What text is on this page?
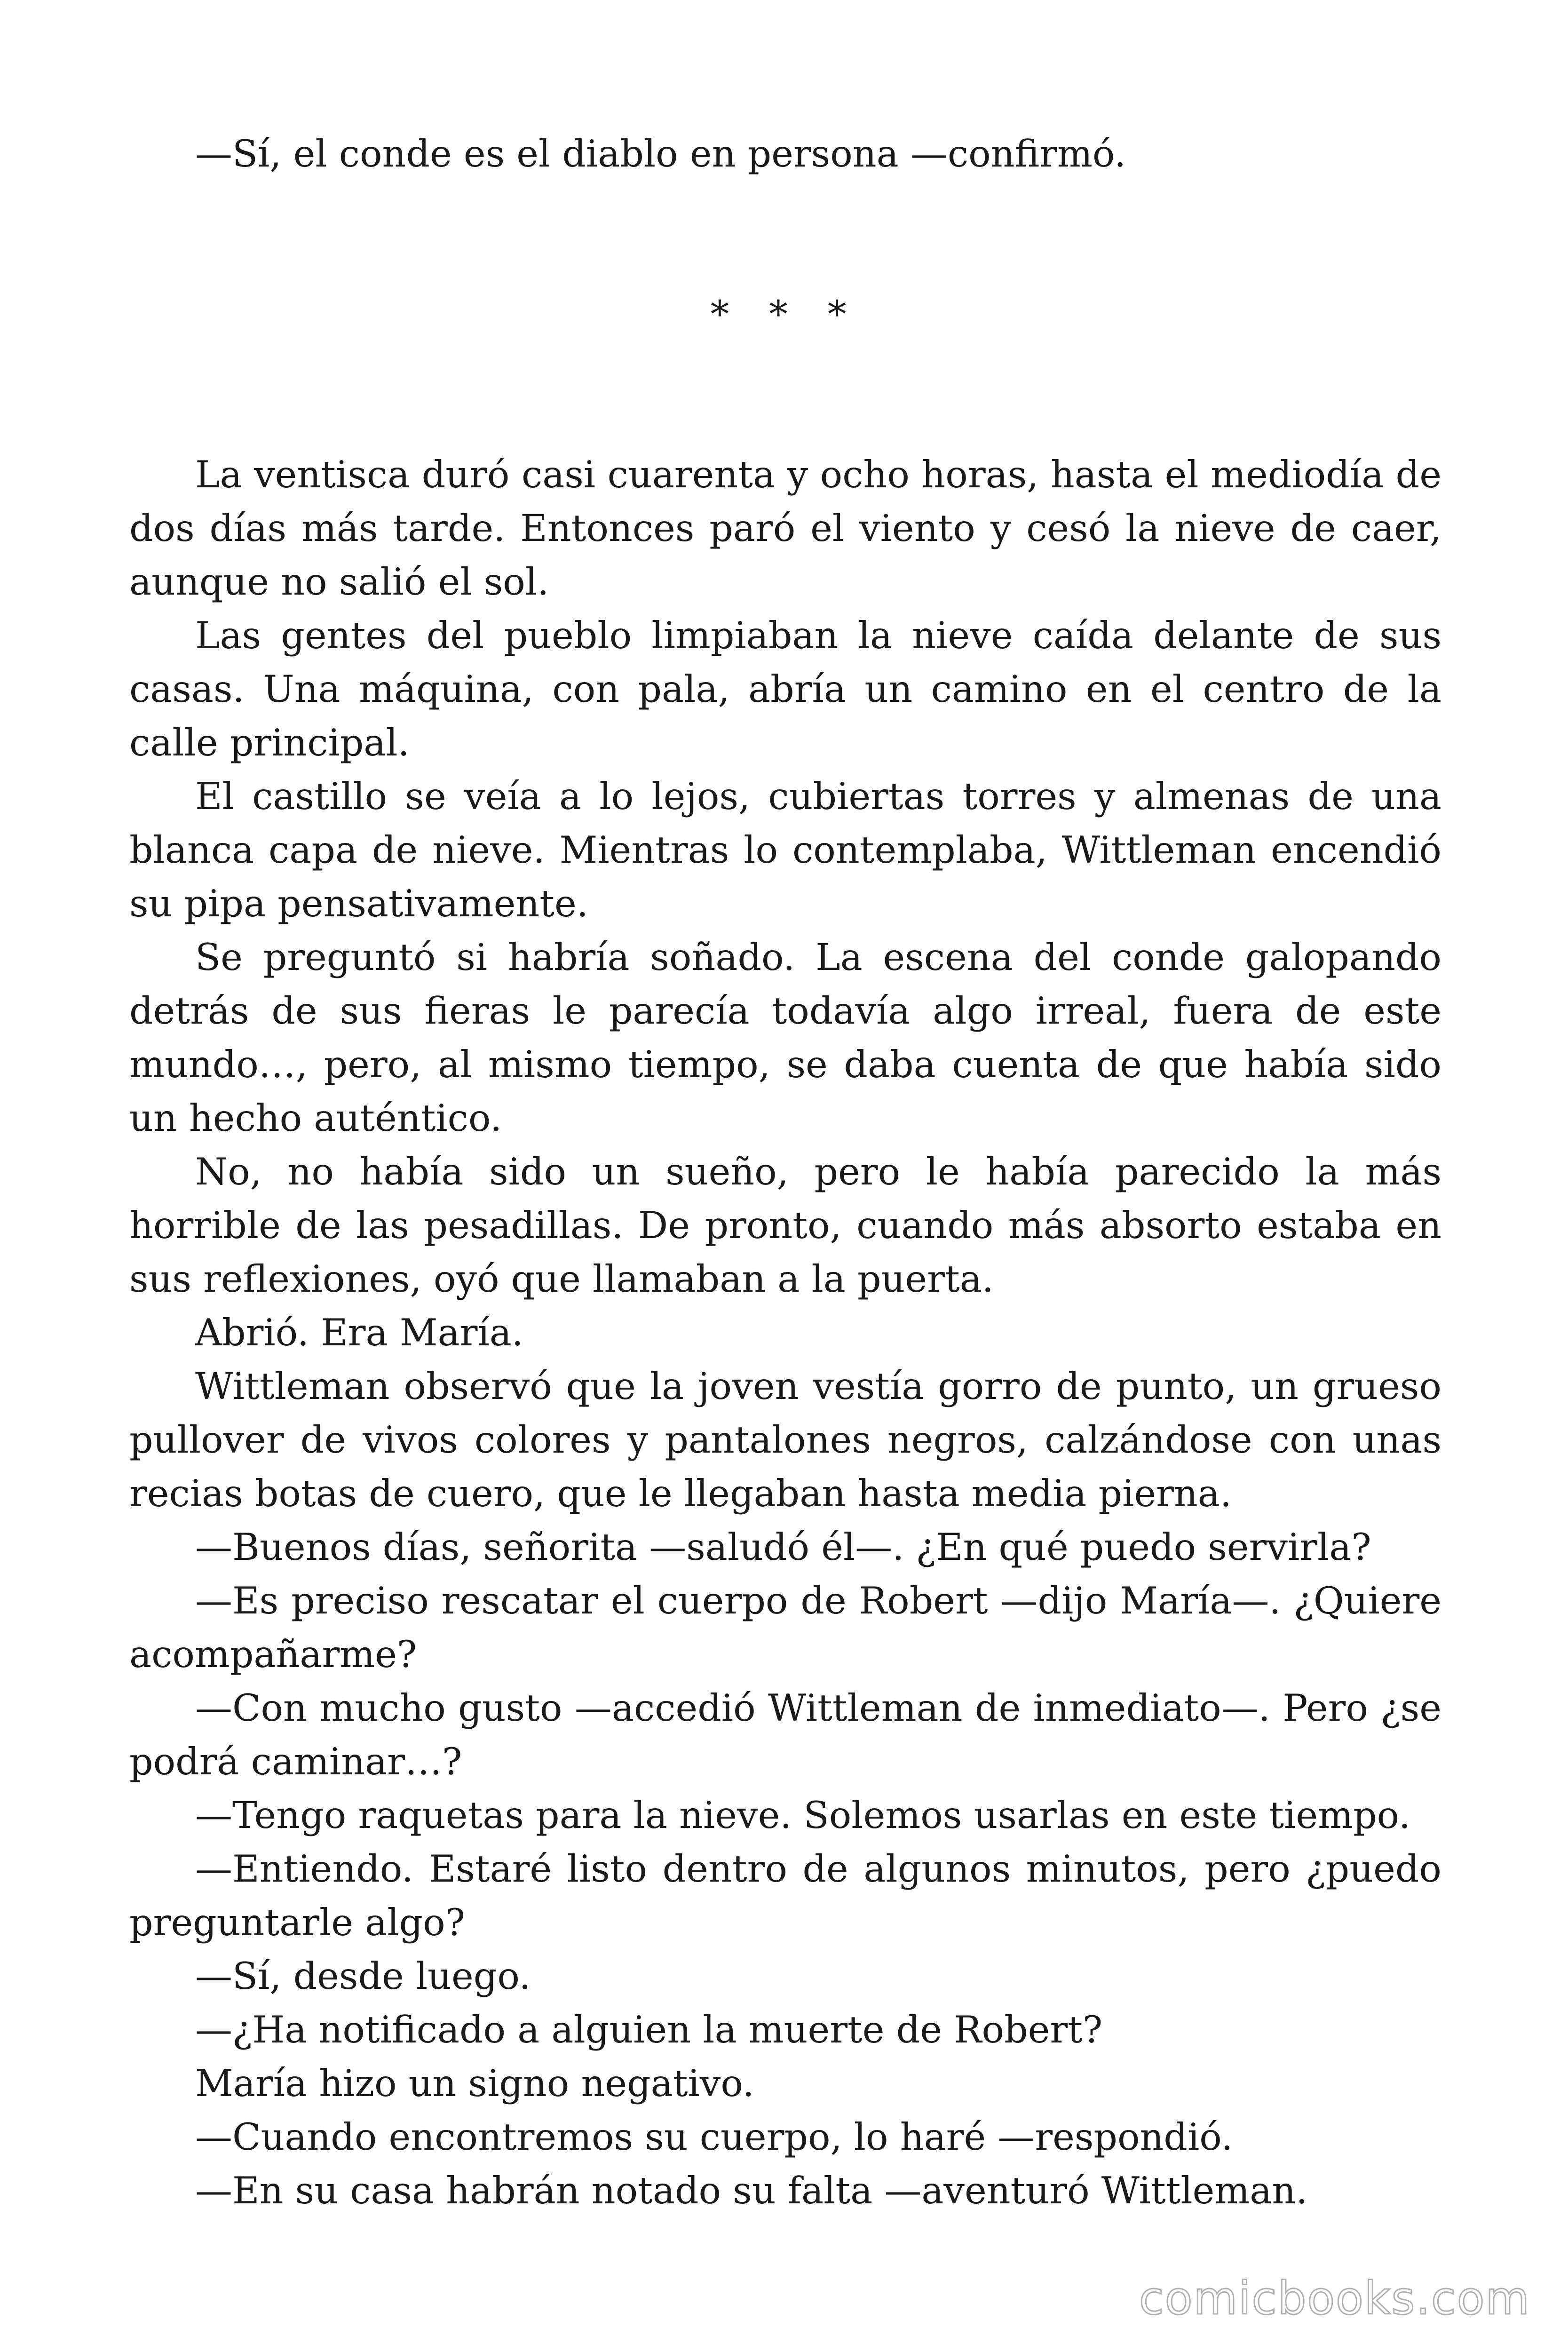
—Sí, el conde es el diablo en persona —confirmó.

* * *

La ventisca duró casi cuarenta y ocho horas, hasta el mediodía de dos días más tarde. Entonces paró el viento y cesó la nieve de caer, aunque no salió el sol.

Las gentes del pueblo limpiaban la nieve caída delante de sus casas. Una máquina, con pala, abría un camino en el centro de la calle principal.

El castillo se veía a lo lejos, cubiertas torres y almenas de una blanca capa de nieve. Mientras lo contemplaba, Wittleman encendió su pipa pensativamente.

Se preguntó si habría soñado. La escena del conde galopando detrás de sus fieras le parecía todavía algo irreal, fuera de este mundo…, pero, al mismo tiempo, se daba cuenta de que había sido un hecho auténtico.

No, no había sido un sueño, pero le había parecido la más horrible de las pesadillas. De pronto, cuando más absorto estaba en sus reflexiones, oyó que llamaban a la puerta.

Abrió. Era María.

Wittleman observó que la joven vestía gorro de punto, un grueso pullover de vivos colores y pantalones negros, calzándose con unas recias botas de cuero, que le llegaban hasta media pierna.

—Buenos días, señorita —saludó él—. ¿En qué puedo servirla?

—Es preciso rescatar el cuerpo de Robert —dijo María—. ¿Quiere acompañarme?

—Con mucho gusto —accedió Wittleman de inmediato—. Pero ¿se podrá caminar…?

—Tengo raquetas para la nieve. Solemos usarlas en este tiempo.

—Entiendo. Estaré listo dentro de algunos minutos, pero ¿puedo preguntarle algo?

—Sí, desde luego.

—¿Ha notificado a alguien la muerte de Robert?

María hizo un signo negativo.

—Cuando encontremos su cuerpo, lo haré —respondió.

—En su casa habrán notado su falta —aventuró Wittleman.

comicbooks.com
